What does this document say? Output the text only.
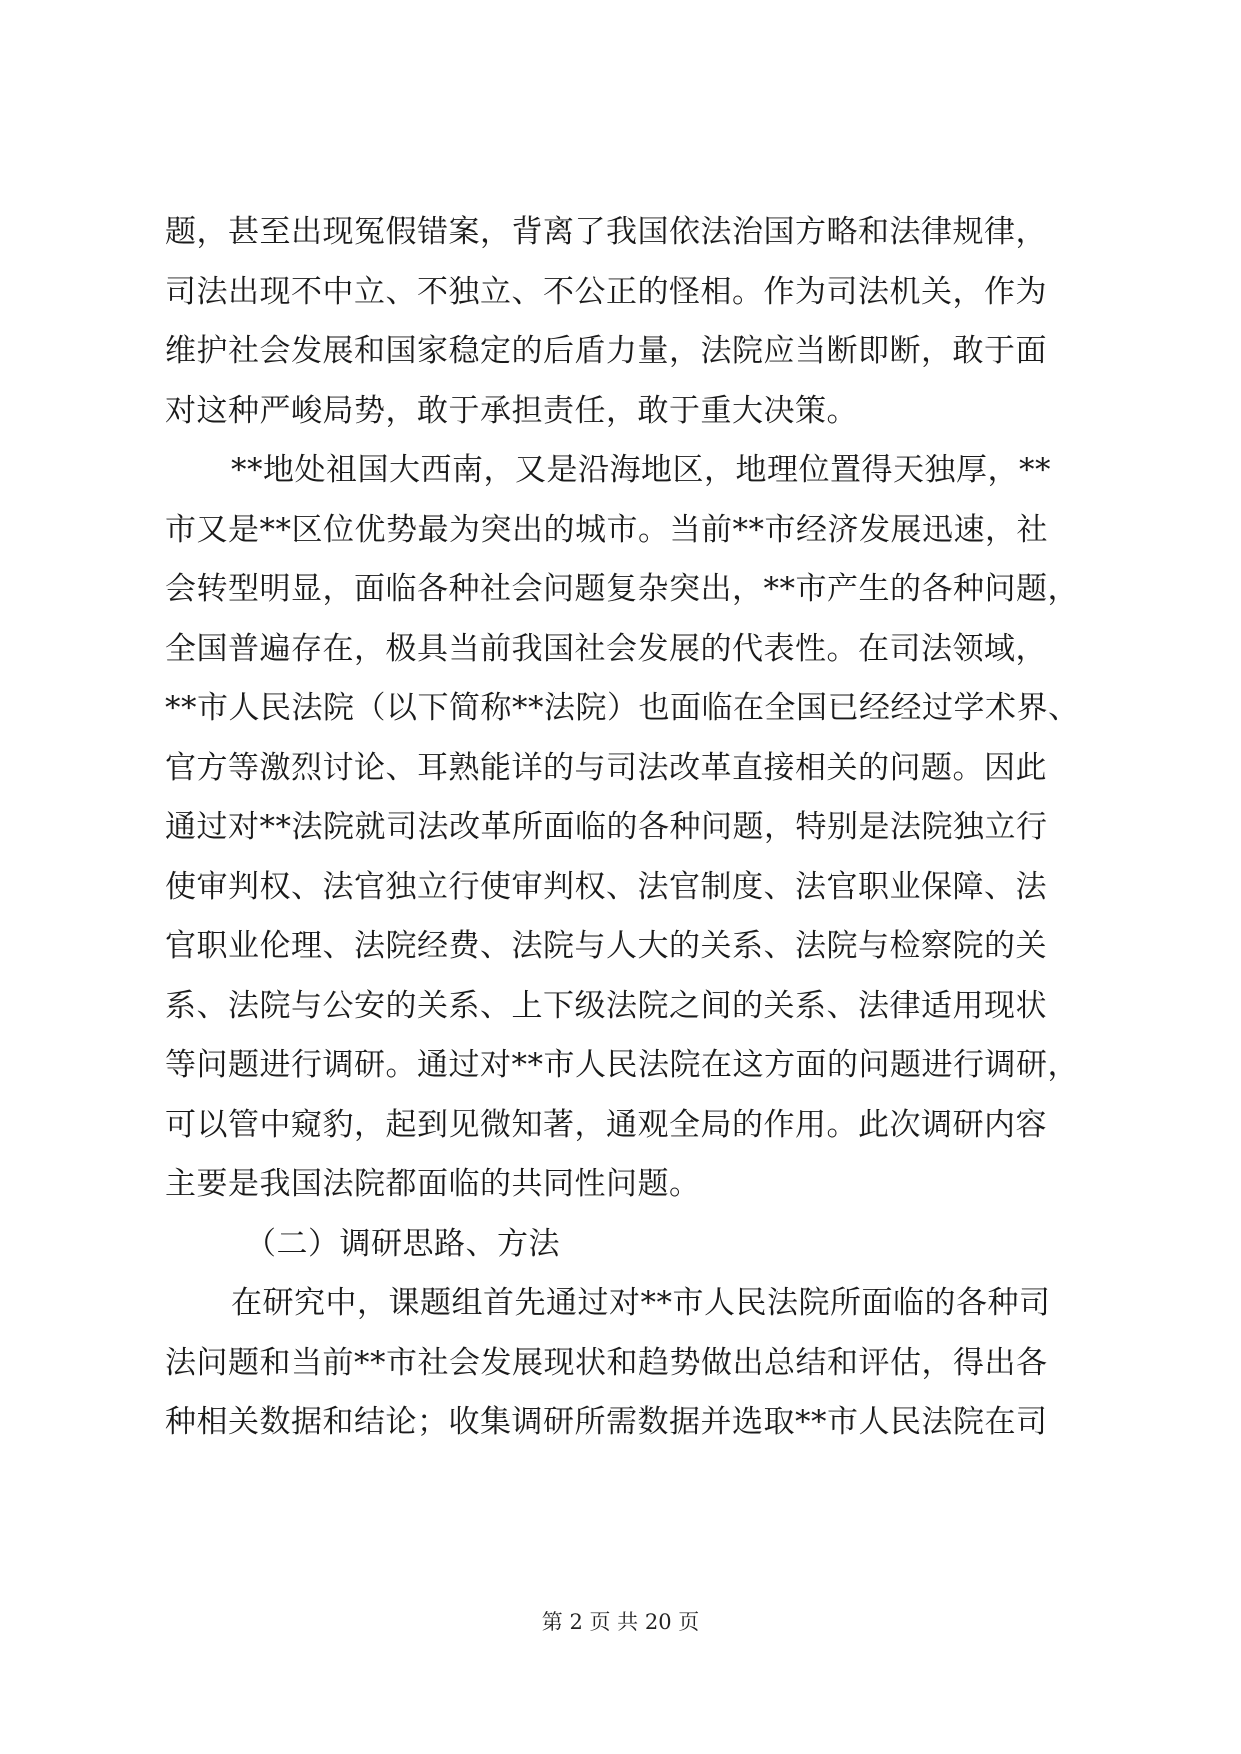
题，甚至出现冤假错案，背离了我国依法治国方略和法律规律，
司法出现不中立、不独立、不公正的怪相。作为司法机关，作为
维护社会发展和国家稳定的后盾力量，法院应当断即断，敢于面
对这种严峻局势，敢于承担责任，敢于重大决策。
**地处祖国大西南，又是沿海地区，地理位置得天独厚，**
市又是**区位优势最为突出的城市。当前**市经济发展迅速，社
会转型明显，面临各种社会问题复杂突出，**市产生的各种问题，
全国普遍存在，极具当前我国社会发展的代表性。在司法领域，
**市人民法院（以下简称**法院）也面临在全国已经经过学术界、
官方等激烈讨论、耳熟能详的与司法改革直接相关的问题。因此
通过对**法院就司法改革所面临的各种问题，特别是法院独立行
使审判权、法官独立行使审判权、法官制度、法官职业保障、法
官职业伦理、法院经费、法院与人大的关系、法院与检察院的关
系、法院与公安的关系、上下级法院之间的关系、法律适用现状
等问题进行调研。通过对**市人民法院在这方面的问题进行调研，
可以管中窥豹，起到见微知著，通观全局的作用。此次调研内容
主要是我国法院都面临的共同性问题。
（二）调研思路、方法
在研究中，课题组首先通过对**市人民法院所面临的各种司
法问题和当前**市社会发展现状和趋势做出总结和评估，得出各
种相关数据和结论；收集调研所需数据并选取**市人民法院在司
第 2 页 共 20 页
